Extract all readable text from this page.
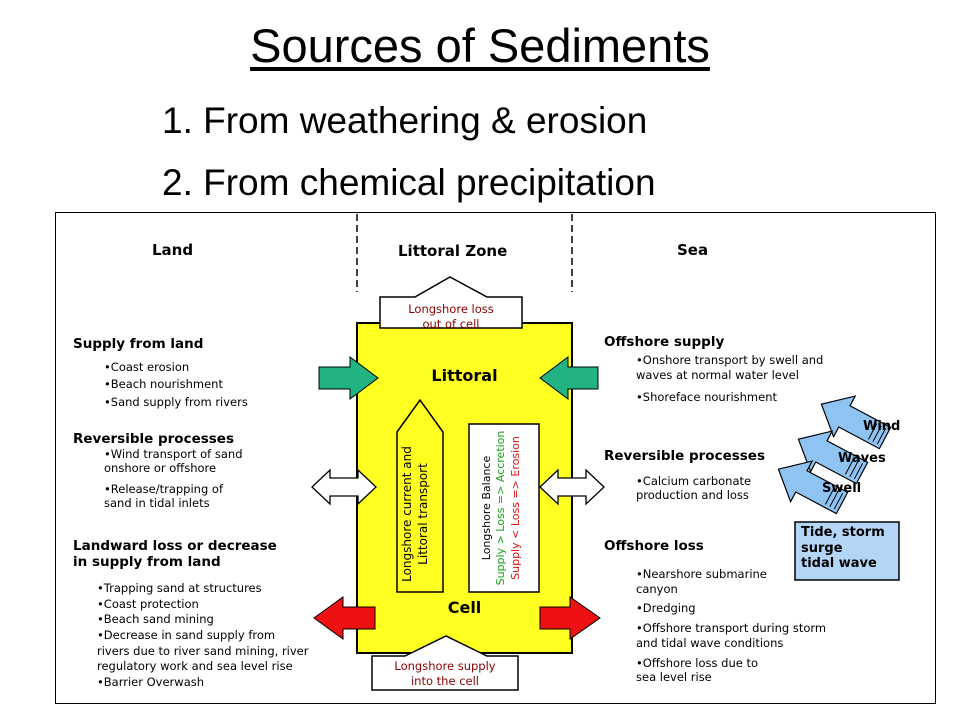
Sources of Sediments
1. From weathering & erosion
2. From chemical precipitation
Land	Littoral Zone	Sea
Longshore loss
out of cell
Longshore supply
into the cell
Littoral
Cell
Longshore current and Littoral transport	Longshore Balance Supply > Loss => Accretion Supply < Loss => Erosion
Supply from land
•Coast erosion
•Beach nourishment
•Sand supply from rivers
Reversible processes
•Wind transport of sand
onshore or offshore
•Release/trapping of
sand in tidal inlets
Landward loss or decrease
in supply from land
•Trapping sand at structures
•Coast protection
•Beach sand mining
•Decrease in sand supply from
rivers due to river sand mining, river
regulatory work and sea level rise
•Barrier Overwash
Offshore supply
•Onshore transport by swell and
waves at normal water level
•Shoreface nourishment
Reversible processes
•Calcium carbonate
production and loss
Offshore loss
•Nearshore submarine
canyon
•Dredging
•Offshore transport during storm
and tidal wave conditions
•Offshore loss due to
sea level rise
Wind
Waves
Swell
Tide, storm
surge
tidal wave
